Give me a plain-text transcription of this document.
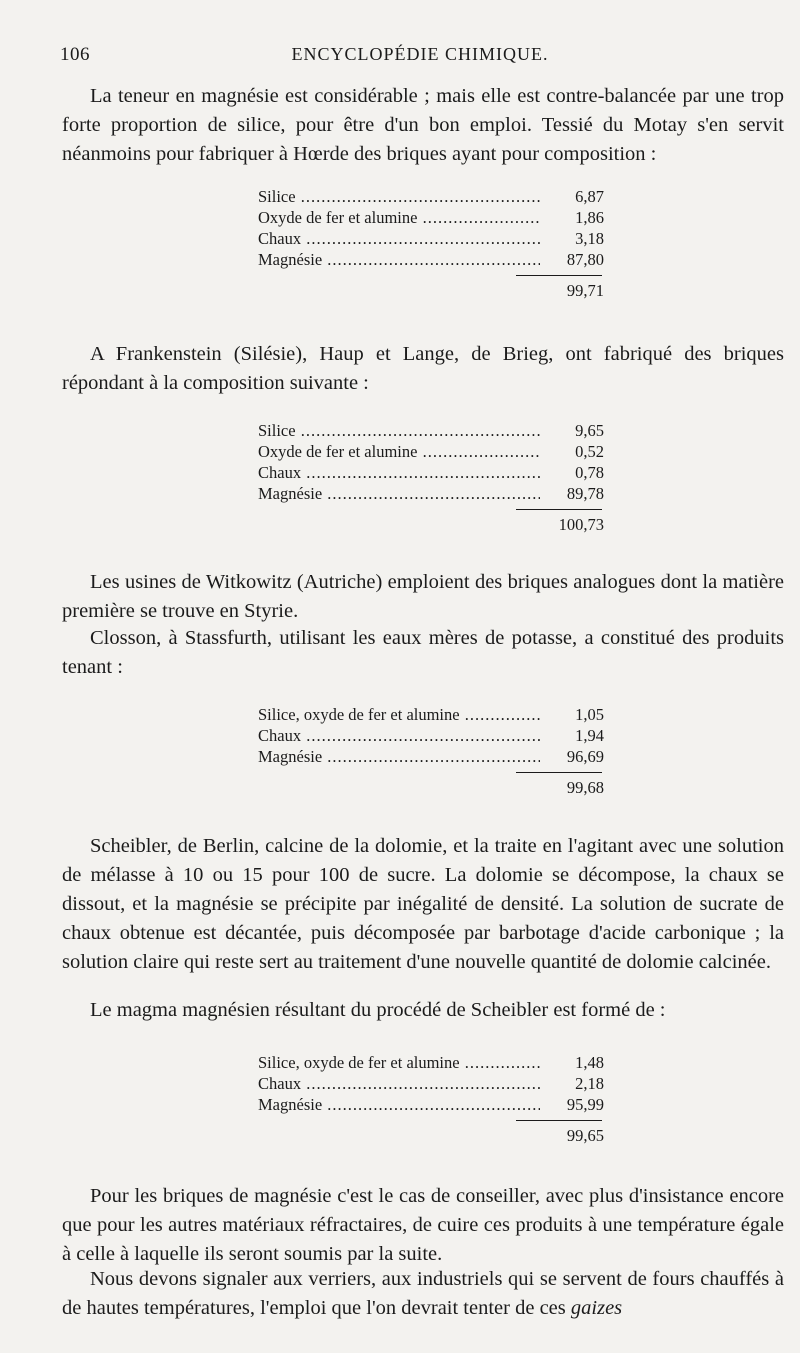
106	ENCYCLOPÉDIE CHIMIQUE.

La teneur en magnésie est considérable ; mais elle est contre-balancée par une trop forte proportion de silice, pour être d'un bon emploi. Tessié du Motay s'en servit néanmoins pour fabriquer à Hœrde des briques ayant pour composition :

Silice .....	6,87
Oxyde de fer et alumine .....	1,86
Chaux .....	3,18
Magnésie .....	87,80
99,71

A Frankenstein (Silésie), Haup et Lange, de Brieg, ont fabriqué des briques répondant à la composition suivante :

Silice .....	9,65
Oxyde de fer et alumine .....	0,52
Chaux .....	0,78
Magnésie .....	89,78
100,73

Les usines de Witkowitz (Autriche) emploient des briques analogues dont la matière première se trouve en Styrie.

Closson, à Stassfurth, utilisant les eaux mères de potasse, a constitué des produits tenant :

Silice, oxyde de fer et alumine .....	1,05
Chaux .....	1,94
Magnésie .....	96,69
99,68

Scheibler, de Berlin, calcine de la dolomie, et la traite en l'agitant avec une solution de mélasse à 10 ou 15 pour 100 de sucre. La dolomie se décompose, la chaux se dissout, et la magnésie se précipite par inégalité de densité. La solution de sucrate de chaux obtenue est décantée, puis décomposée par barbotage d'acide carbonique ; la solution claire qui reste sert au traitement d'une nouvelle quantité de dolomie calcinée.

Le magma magnésien résultant du procédé de Scheibler est formé de :

Silice, oxyde de fer et alumine .....	1,48
Chaux .....	2,18
Magnésie .....	95,99
99,65

Pour les briques de magnésie c'est le cas de conseiller, avec plus d'insistance encore que pour les autres matériaux réfractaires, de cuire ces produits à une température égale à celle à laquelle ils seront soumis par la suite.

Nous devons signaler aux verriers, aux industriels qui se servent de fours chauffés à de hautes températures, l'emploi que l'on devrait tenter de ces gaizes
